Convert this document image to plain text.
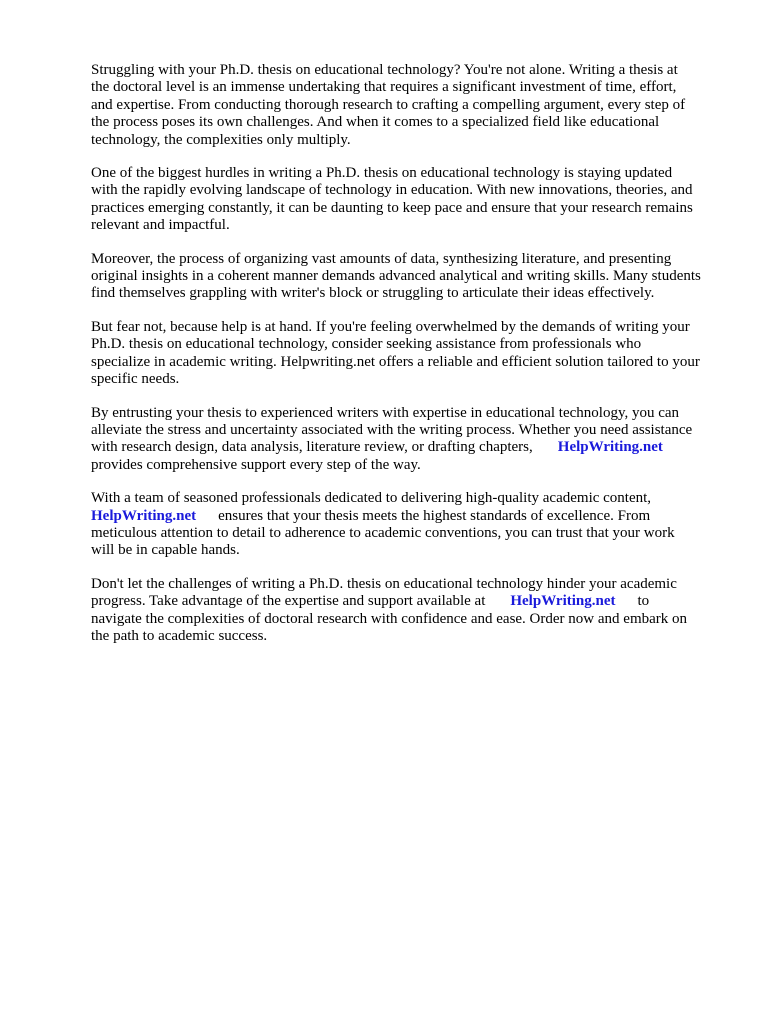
Struggling with your Ph.D. thesis on educational technology? You're not alone. Writing a thesis at
the doctoral level is an immense undertaking that requires a significant investment of time, effort,
and expertise. From conducting thorough research to crafting a compelling argument, every step of
the process poses its own challenges. And when it comes to a specialized field like educational
technology, the complexities only multiply.

One of the biggest hurdles in writing a Ph.D. thesis on educational technology is staying updated
with the rapidly evolving landscape of technology in education. With new innovations, theories, and
practices emerging constantly, it can be daunting to keep pace and ensure that your research remains
relevant and impactful.

Moreover, the process of organizing vast amounts of data, synthesizing literature, and presenting
original insights in a coherent manner demands advanced analytical and writing skills. Many students
find themselves grappling with writer's block or struggling to articulate their ideas effectively.

But fear not, because help is at hand. If you're feeling overwhelmed by the demands of writing your
Ph.D. thesis on educational technology, consider seeking assistance from professionals who
specialize in academic writing. Helpwriting.net offers a reliable and efficient solution tailored to your
specific needs.

By entrusting your thesis to experienced writers with expertise in educational technology, you can
alleviate the stress and uncertainty associated with the writing process. Whether you need assistance
with research design, data analysis, literature review, or drafting chapters, HelpWriting.net
provides comprehensive support every step of the way.

With a team of seasoned professionals dedicated to delivering high-quality academic content,
HelpWriting.net ensures that your thesis meets the highest standards of excellence. From
meticulous attention to detail to adherence to academic conventions, you can trust that your work
will be in capable hands.

Don't let the challenges of writing a Ph.D. thesis on educational technology hinder your academic
progress. Take advantage of the expertise and support available at HelpWriting.net to
navigate the complexities of doctoral research with confidence and ease. Order now and embark on
the path to academic success.
